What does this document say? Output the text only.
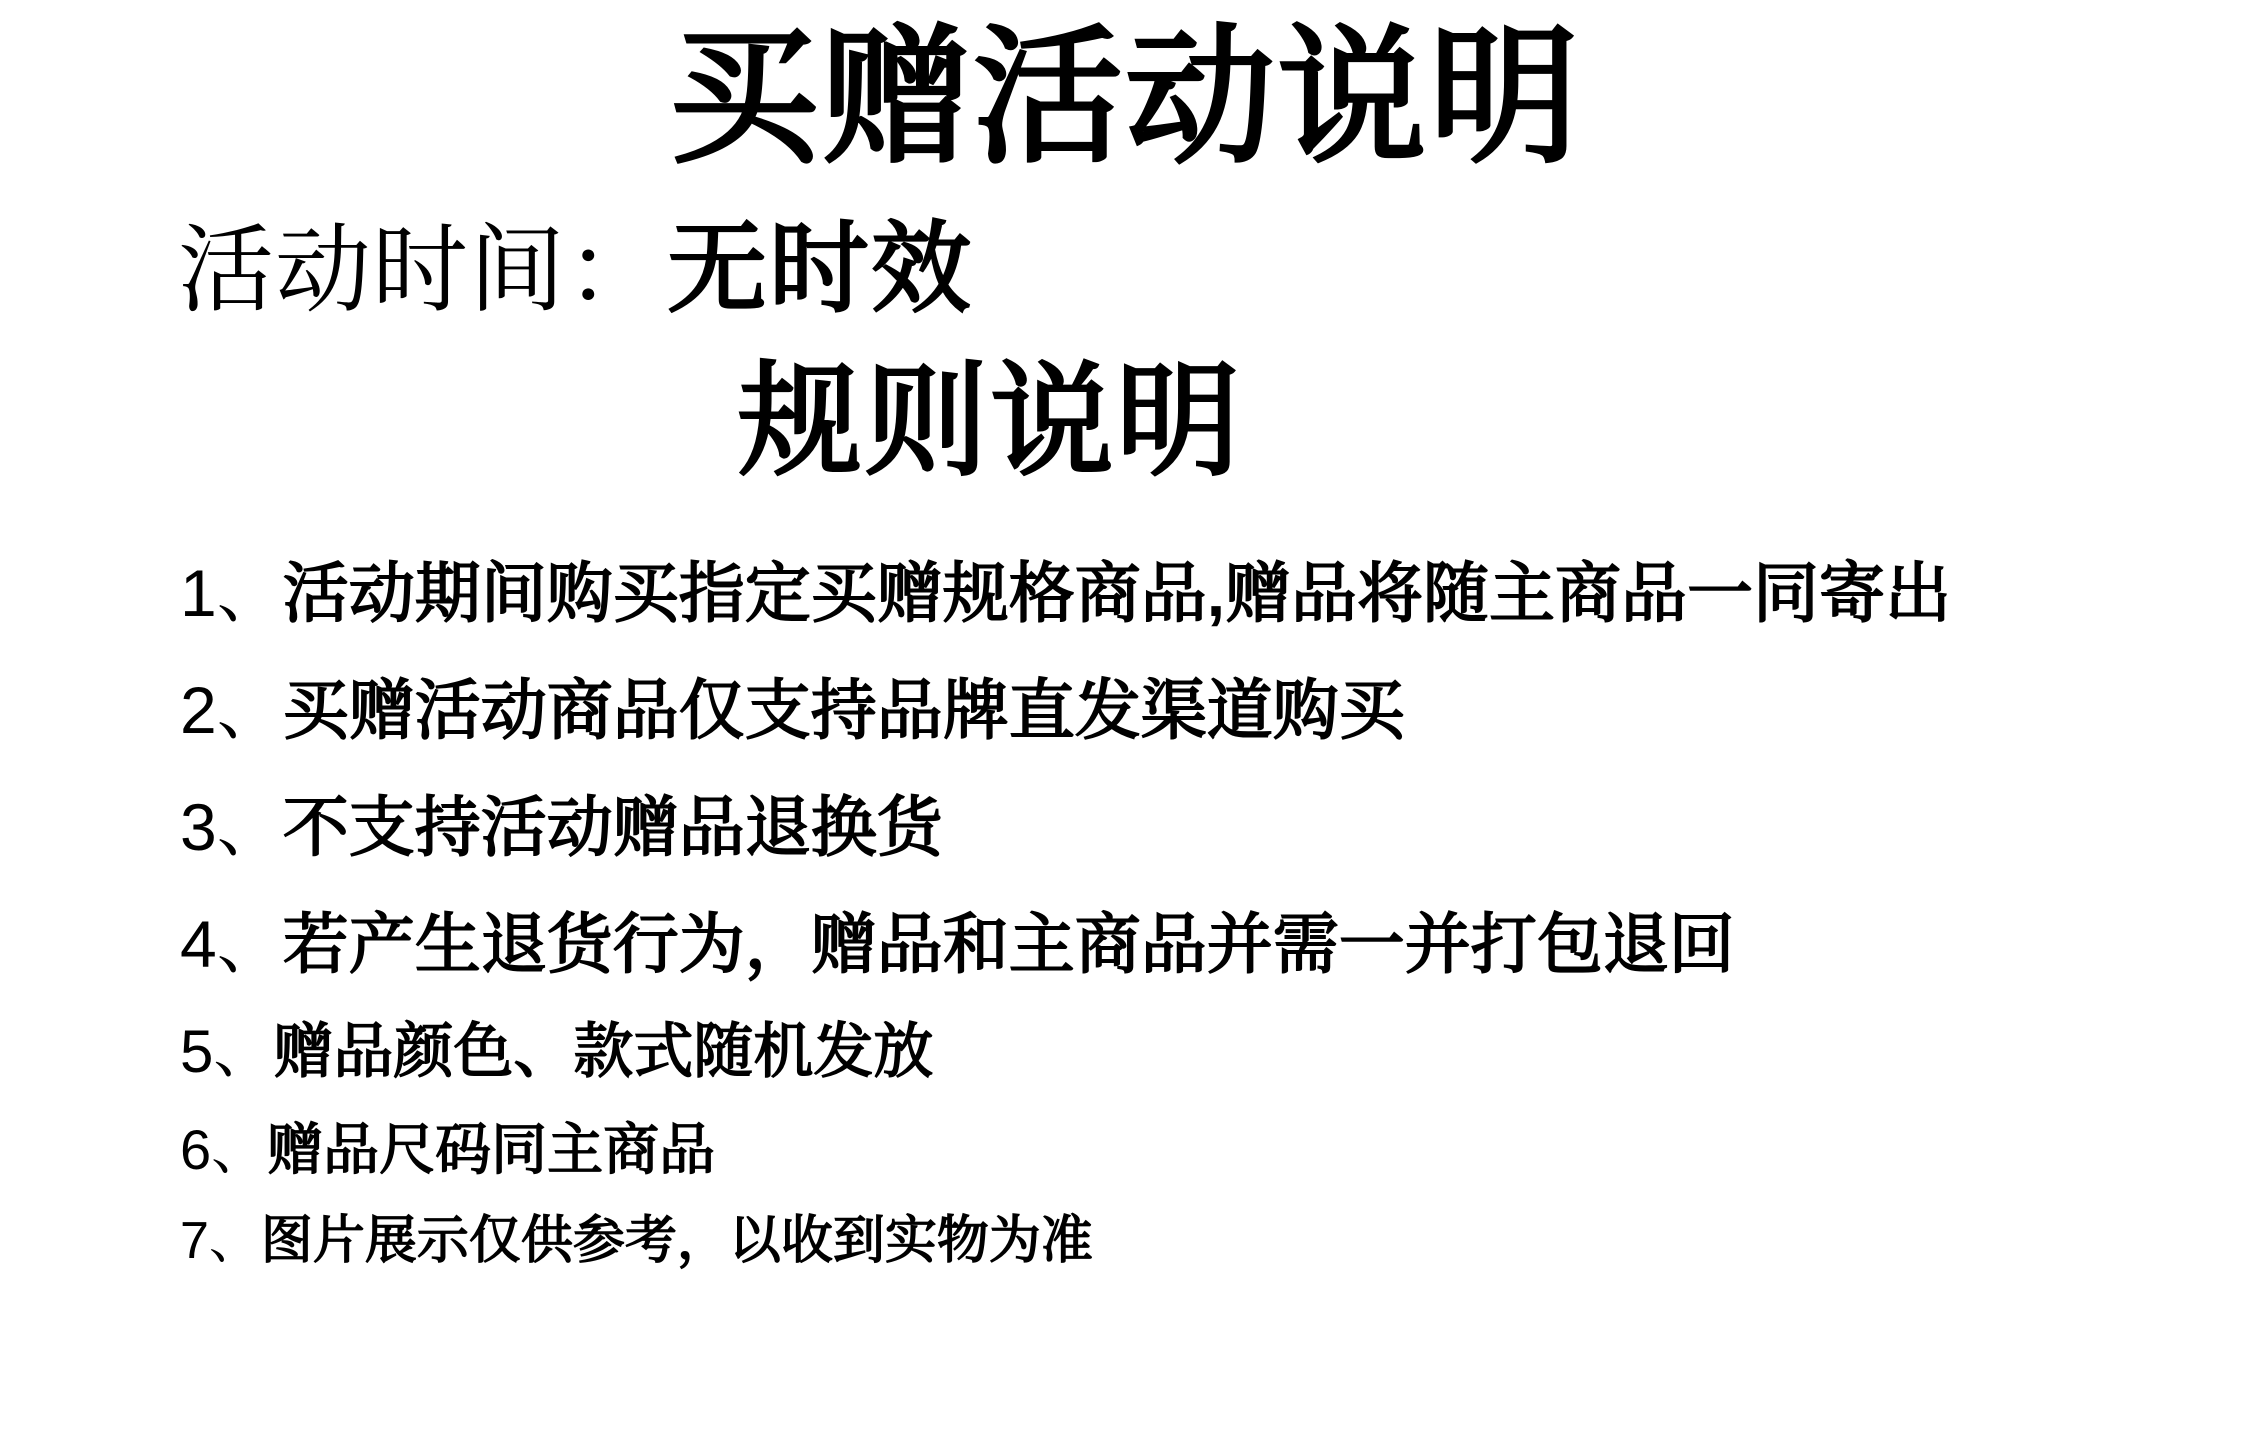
买赠活动说明
活动时间： 无时效
规则说明
1、 活动期间购买指定买赠规格商品,赠品将随主商品一同寄出
2、 买赠活动商品仅支持品牌直发渠道购买
3、 不支持活动赠品退换货
4、 若产生退货行为，赠品和主商品并需一并打包退回
5、 赠品颜色、款式随机发放
6、 赠品尺码同主商品
7、 图片展示仅供参考，以收到实物为准
